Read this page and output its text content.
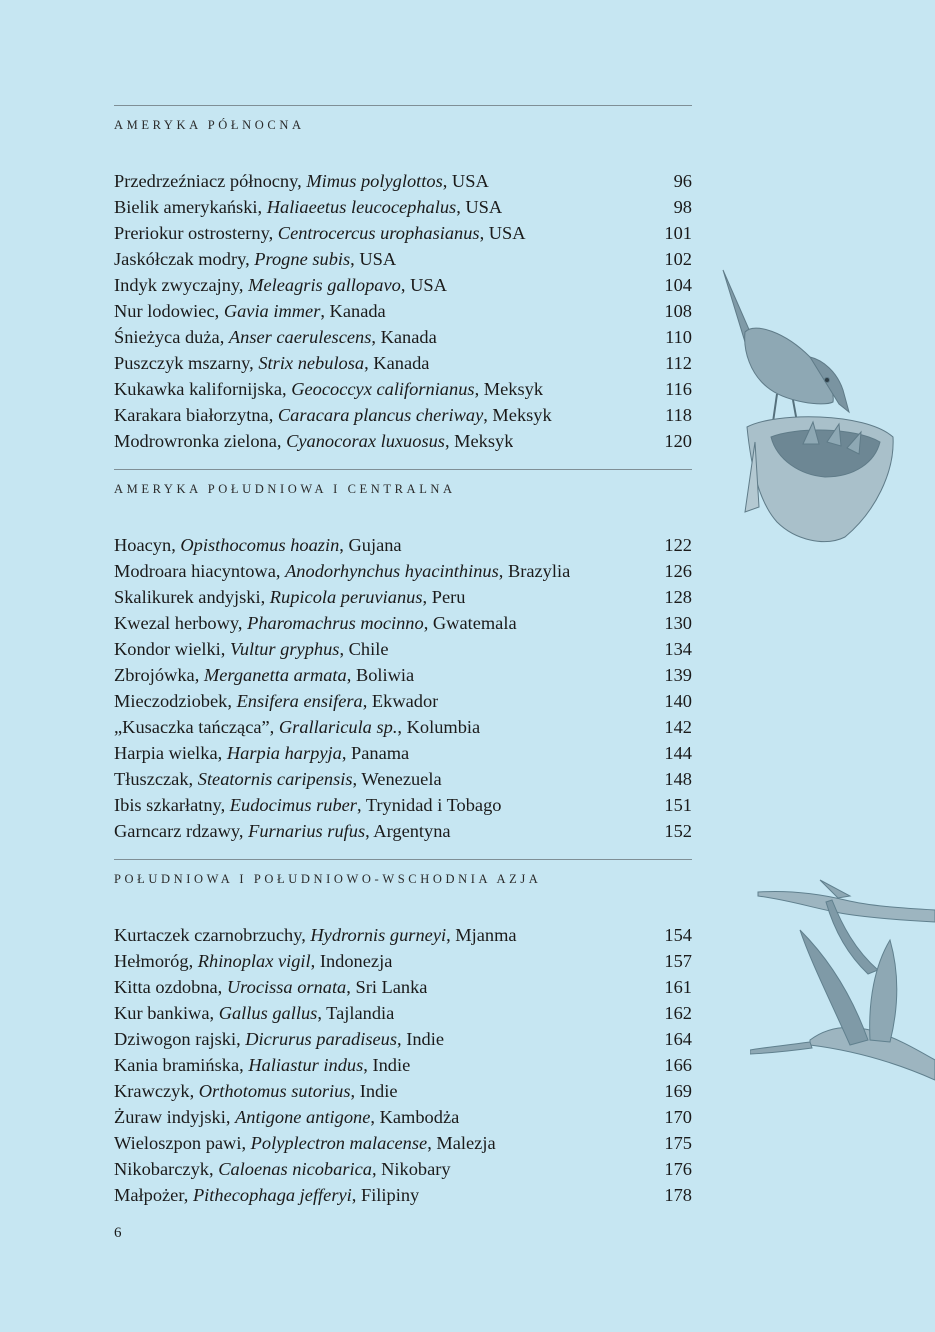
AMERYKA PÓŁNOCNA
Przedrzeźniacz północny, Mimus polyglottos, USA	96
Bielik amerykański, Haliaeetus leucocephalus, USA	98
Preriokur ostrosterny, Centrocercus urophasianus, USA	101
Jaskółczak modry, Progne subis, USA	102
Indyk zwyczajny, Meleagris gallopavo, USA	104
Nur lodowiec, Gavia immer, Kanada	108
Śnieżyca duża, Anser caerulescens, Kanada	110
Puszczyk mszarny, Strix nebulosa, Kanada	112
Kukawka kalifornijska, Geococcyx californianus, Meksyk	116
Karakara białorzytna, Caracara plancus cheriway, Meksyk	118
Modrowronka zielona, Cyanocorax luxuosus, Meksyk	120
AMERYKA POŁUDNIOWA I CENTRALNA
Hoacyn, Opisthocomus hoazin, Gujana	122
Modroara hiacyntowa, Anodorhynchus hyacinthinus, Brazylia	126
Skalikurek andyjski, Rupicola peruvianus, Peru	128
Kwezal herbowy, Pharomachrus mocinno, Gwatemala	130
Kondor wielki, Vultur gryphus, Chile	134
Zbrojówka, Merganetta armata, Boliwia	139
Mieczodziobek, Ensifera ensifera, Ekwador	140
„Kusaczka tańcząca”, Grallaricula sp., Kolumbia	142
Harpia wielka, Harpia harpyja, Panama	144
Tłuszczak, Steatornis caripensis, Wenezuela	148
Ibis szkarłatny, Eudocimus ruber, Trynidad i Tobago	151
Garncarz rdzawy, Furnarius rufus, Argentyna	152
POŁUDNIOWA I POŁUDNIOWO-WSCHODNIA AZJA
Kurtaczek czarnobrzuchy, Hydrornis gurneyi, Mjanma	154
Hełmoróg, Rhinoplax vigil, Indonezja	157
Kitta ozdobna, Urocissa ornata, Sri Lanka	161
Kur bankiwa, Gallus gallus, Tajlandia	162
Dziwogon rajski, Dicrurus paradiseus, Indie	164
Kania bramińska, Haliastur indus, Indie	166
Krawczyk, Orthotomus sutorius, Indie	169
Żuraw indyjski, Antigone antigone, Kambodża	170
Wieloszpon pawi, Polyplectron malacense, Malezja	175
Nikobarczyk, Caloenas nicobarica, Nikobary	176
Małpożer, Pithecophaga jefferyi, Filipiny	178
6
